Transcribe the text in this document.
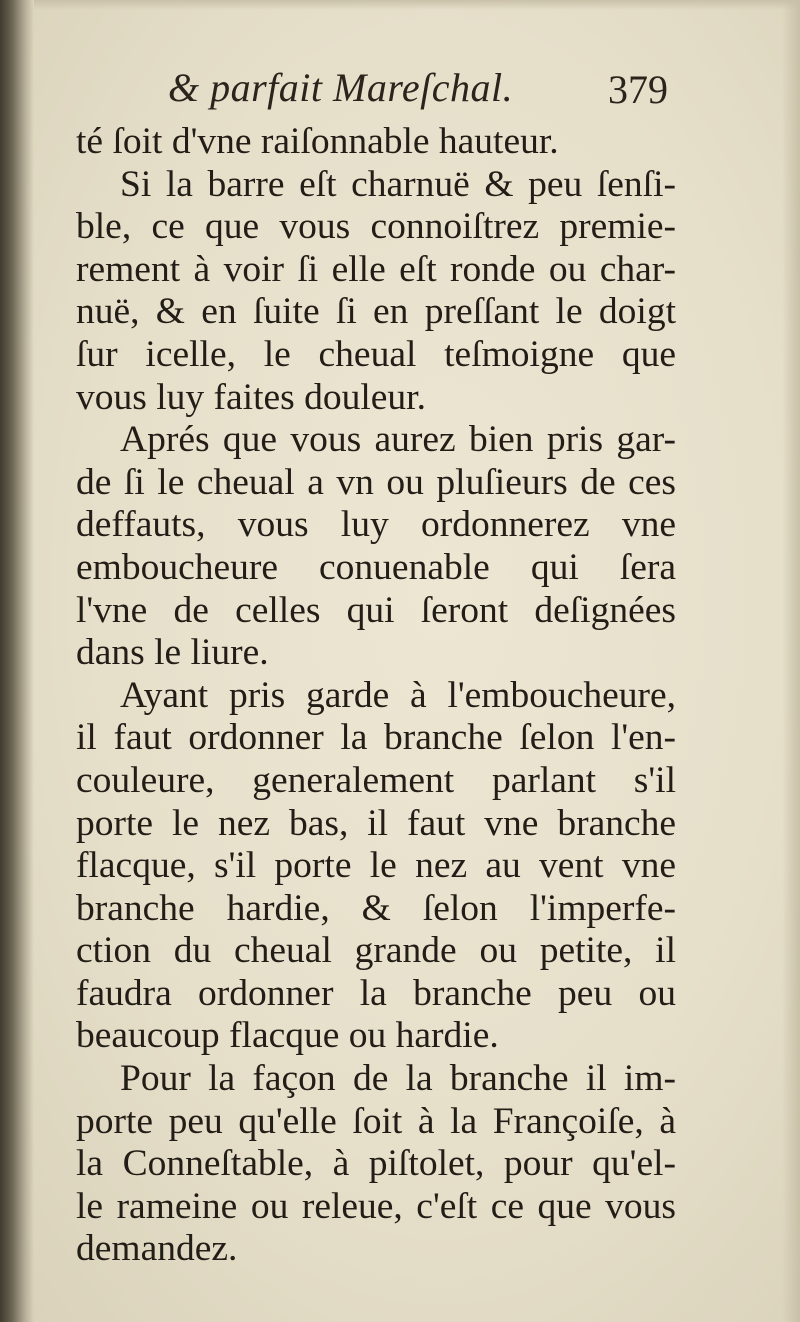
& parfait Mareſchal. 379
té ſoit d'vne raiſonnable hauteur.
Si la barre eſt charnuë & peu ſenſi-
ble, ce que vous connoiſtrez premie-
rement à voir ſi elle eſt ronde ou char-
nuë, & en ſuite ſi en preſſant le doigt
ſur icelle, le cheual teſmoigne que
vous luy faites douleur.
Aprés que vous aurez bien pris gar-
de ſi le cheual a vn ou pluſieurs de ces
deffauts, vous luy ordonnerez vne
emboucheure conuenable qui ſera
l'vne de celles qui ſeront deſignées
dans le liure.
Ayant pris garde à l'emboucheure,
il faut ordonner la branche ſelon l'en-
couleure, generalement parlant s'il
porte le nez bas, il faut vne branche
flacque, s'il porte le nez au vent vne
branche hardie, & ſelon l'imperfe-
ction du cheual grande ou petite, il
faudra ordonner la branche peu ou
beaucoup flacque ou hardie.
Pour la façon de la branche il im-
porte peu qu'elle ſoit à la Françoiſe, à
la Conneſtable, à piſtolet, pour qu'el-
le rameine ou releue, c'eſt ce que vous
demandez.
